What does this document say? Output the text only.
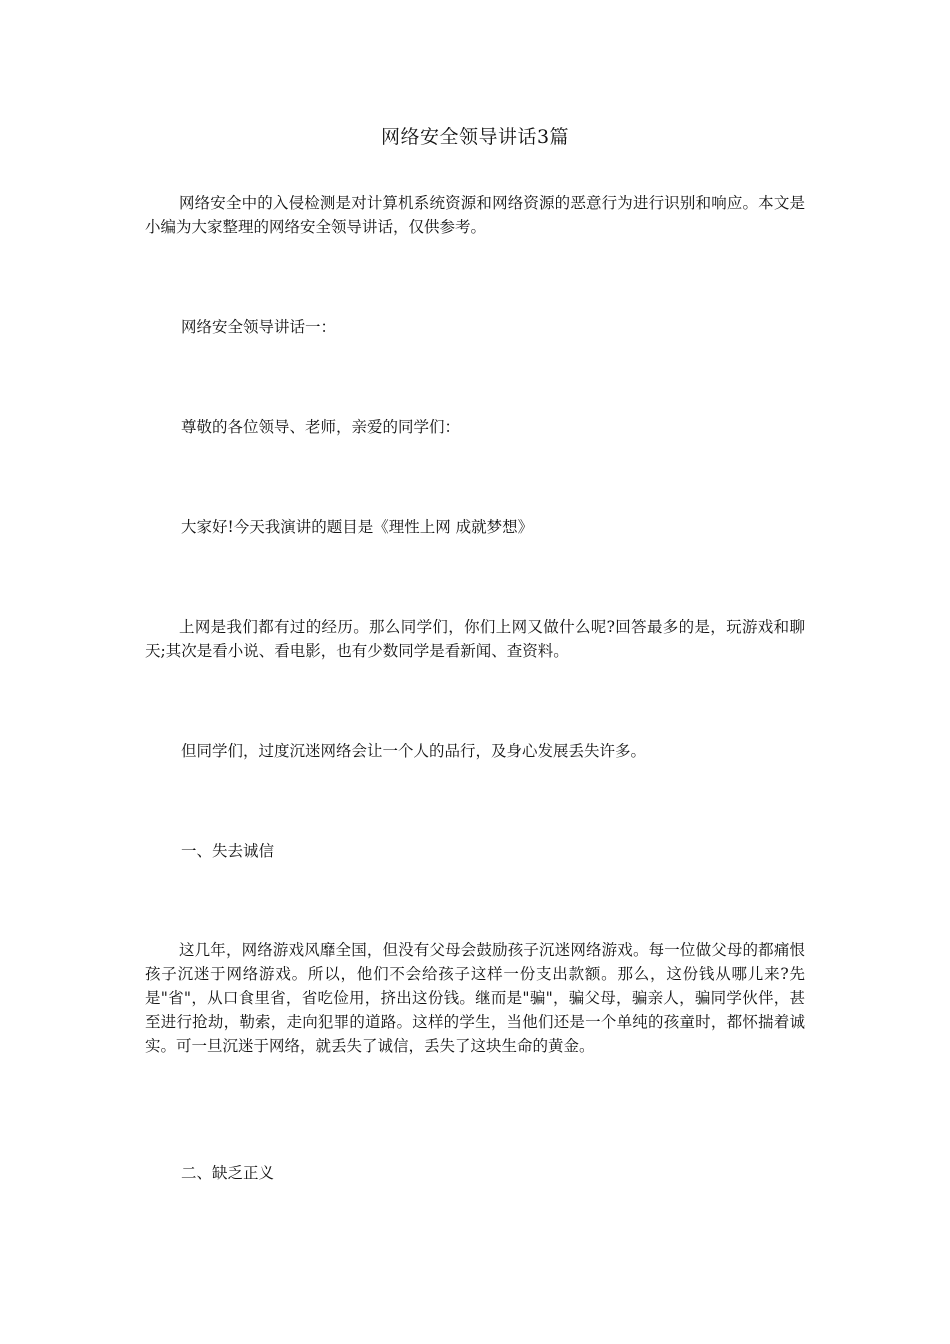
网络安全领导讲话3篇

网络安全中的入侵检测是对计算机系统资源和网络资源的恶意行为进行识别和响应。本文是小编为大家整理的网络安全领导讲话，仅供参考。

网络安全领导讲话一：

尊敬的各位领导、老师，亲爱的同学们：

大家好!今天我演讲的题目是《理性上网 成就梦想》

上网是我们都有过的经历。那么同学们，你们上网又做什么呢?回答最多的是，玩游戏和聊天;其次是看小说、看电影，也有少数同学是看新闻、查资料。

但同学们，过度沉迷网络会让一个人的品行，及身心发展丢失许多。

一、失去诚信

这几年，网络游戏风靡全国，但没有父母会鼓励孩子沉迷网络游戏。每一位做父母的都痛恨孩子沉迷于网络游戏。所以，他们不会给孩子这样一份支出款额。那么，这份钱从哪儿来?先是"省"，从口食里省，省吃俭用，挤出这份钱。继而是"骗"，骗父母，骗亲人，骗同学伙伴，甚至进行抢劫，勒索，走向犯罪的道路。这样的学生，当他们还是一个单纯的孩童时，都怀揣着诚实。可一旦沉迷于网络，就丢失了诚信，丢失了这块生命的黄金。

二、缺乏正义
